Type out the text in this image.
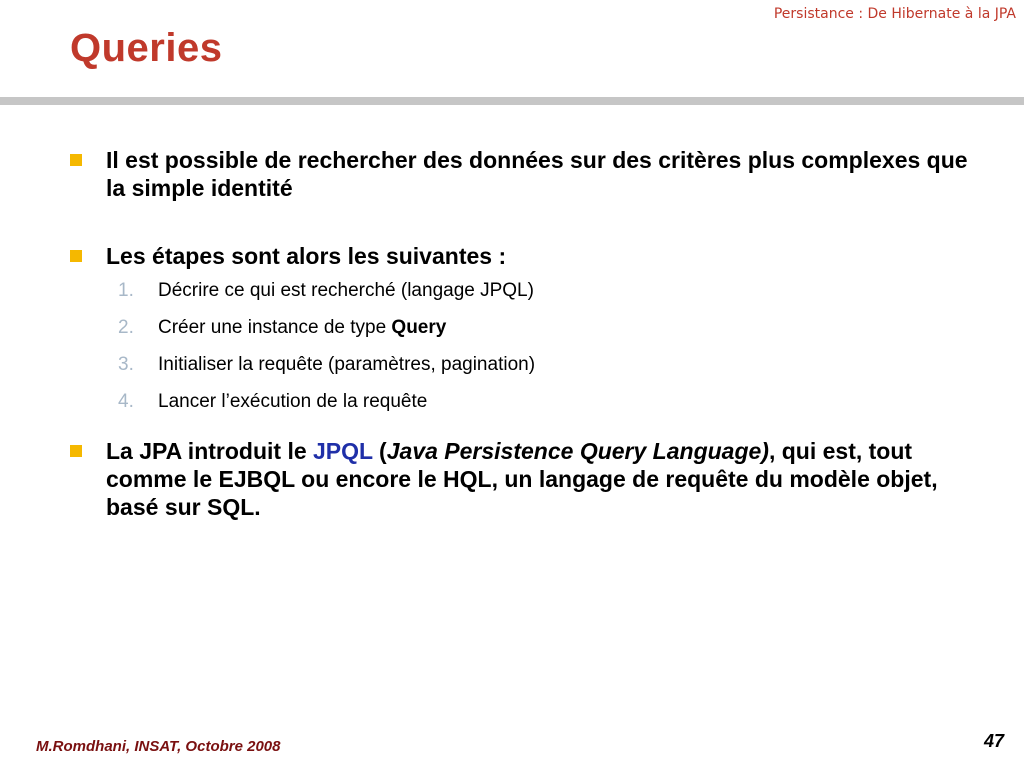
Persistance : De Hibernate à la JPA
Queries
Il est possible de rechercher des données sur des critères plus complexes que la simple identité
Les étapes sont alors les suivantes :
1. Décrire ce qui est recherché (langage JPQL)
2. Créer une instance de type Query
3. Initialiser la requête (paramètres, pagination)
4. Lancer l’exécution de la requête
La JPA introduit le JPQL (Java Persistence Query Language), qui est, tout comme le EJBQL ou encore le HQL, un langage de requête du modèle objet, basé sur SQL.
M.Romdhani, INSAT, Octobre 2008	47
